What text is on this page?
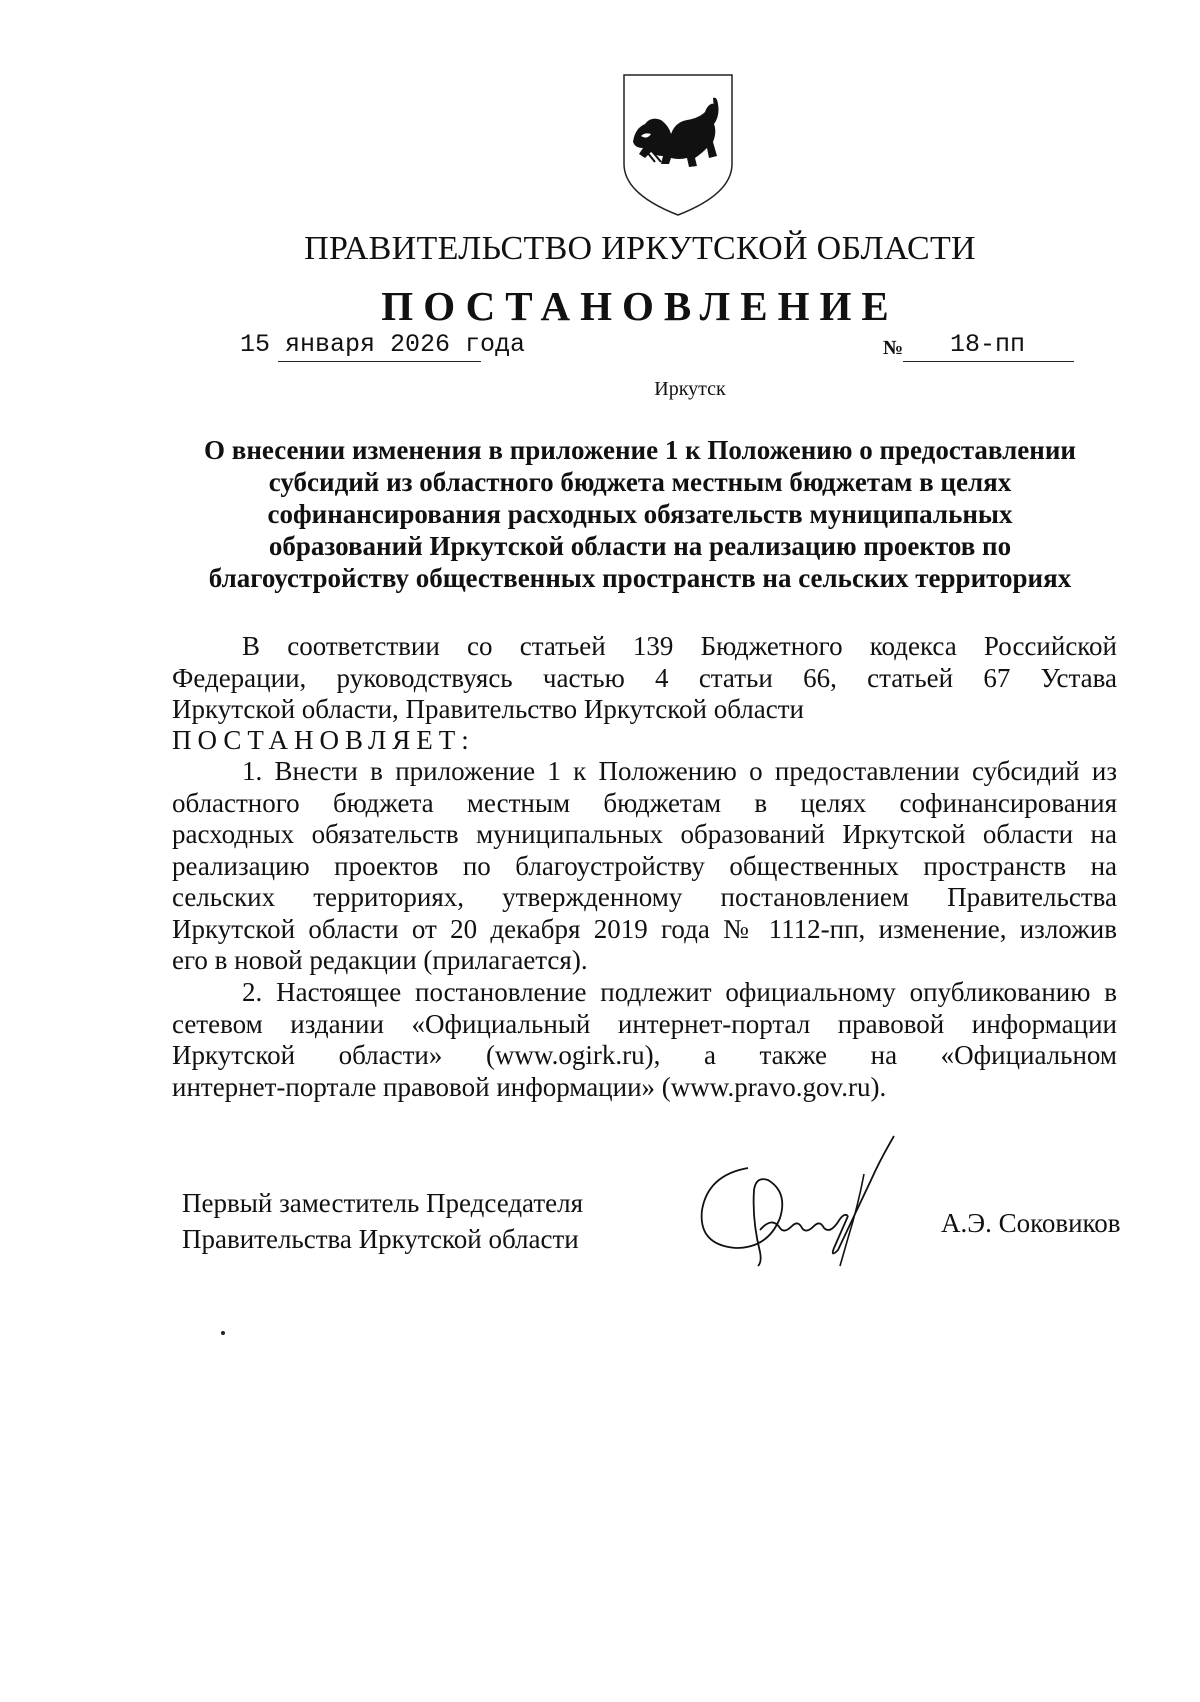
ПРАВИТЕЛЬСТВО ИРКУТСКОЙ ОБЛАСТИ
ПОСТАНОВЛЕНИЕ
15 января 2026 года	№ 18-пп
Иркутск
О внесении изменения в приложение 1 к Положению о предоставлении
субсидий из областного бюджета местным бюджетам в целях
софинансирования расходных обязательств муниципальных
образований Иркутской области на реализацию проектов по
благоустройству общественных пространств на сельских территориях
В соответствии со статьей 139 Бюджетного кодекса Российской
Федерации, руководствуясь частью 4 статьи 66, статьей 67 Устава
Иркутской области, Правительство Иркутской области
ПОСТАНОВЛЯЕТ:
1. Внести в приложение 1 к Положению о предоставлении субсидий из
областного бюджета местным бюджетам в целях софинансирования
расходных обязательств муниципальных образований Иркутской области на
реализацию проектов по благоустройству общественных пространств на
сельских территориях, утвержденному постановлением Правительства
Иркутской области от 20 декабря 2019 года № 1112-пп, изменение, изложив
его в новой редакции (прилагается).
2. Настоящее постановление подлежит официальному опубликованию в
сетевом издании «Официальный интернет-портал правовой информации
Иркутской области» (www.ogirk.ru), а также на «Официальном
интернет-портале правовой информации» (www.pravo.gov.ru).
Первый заместитель Председателя
Правительства Иркутской области
А.Э. Соковиков
